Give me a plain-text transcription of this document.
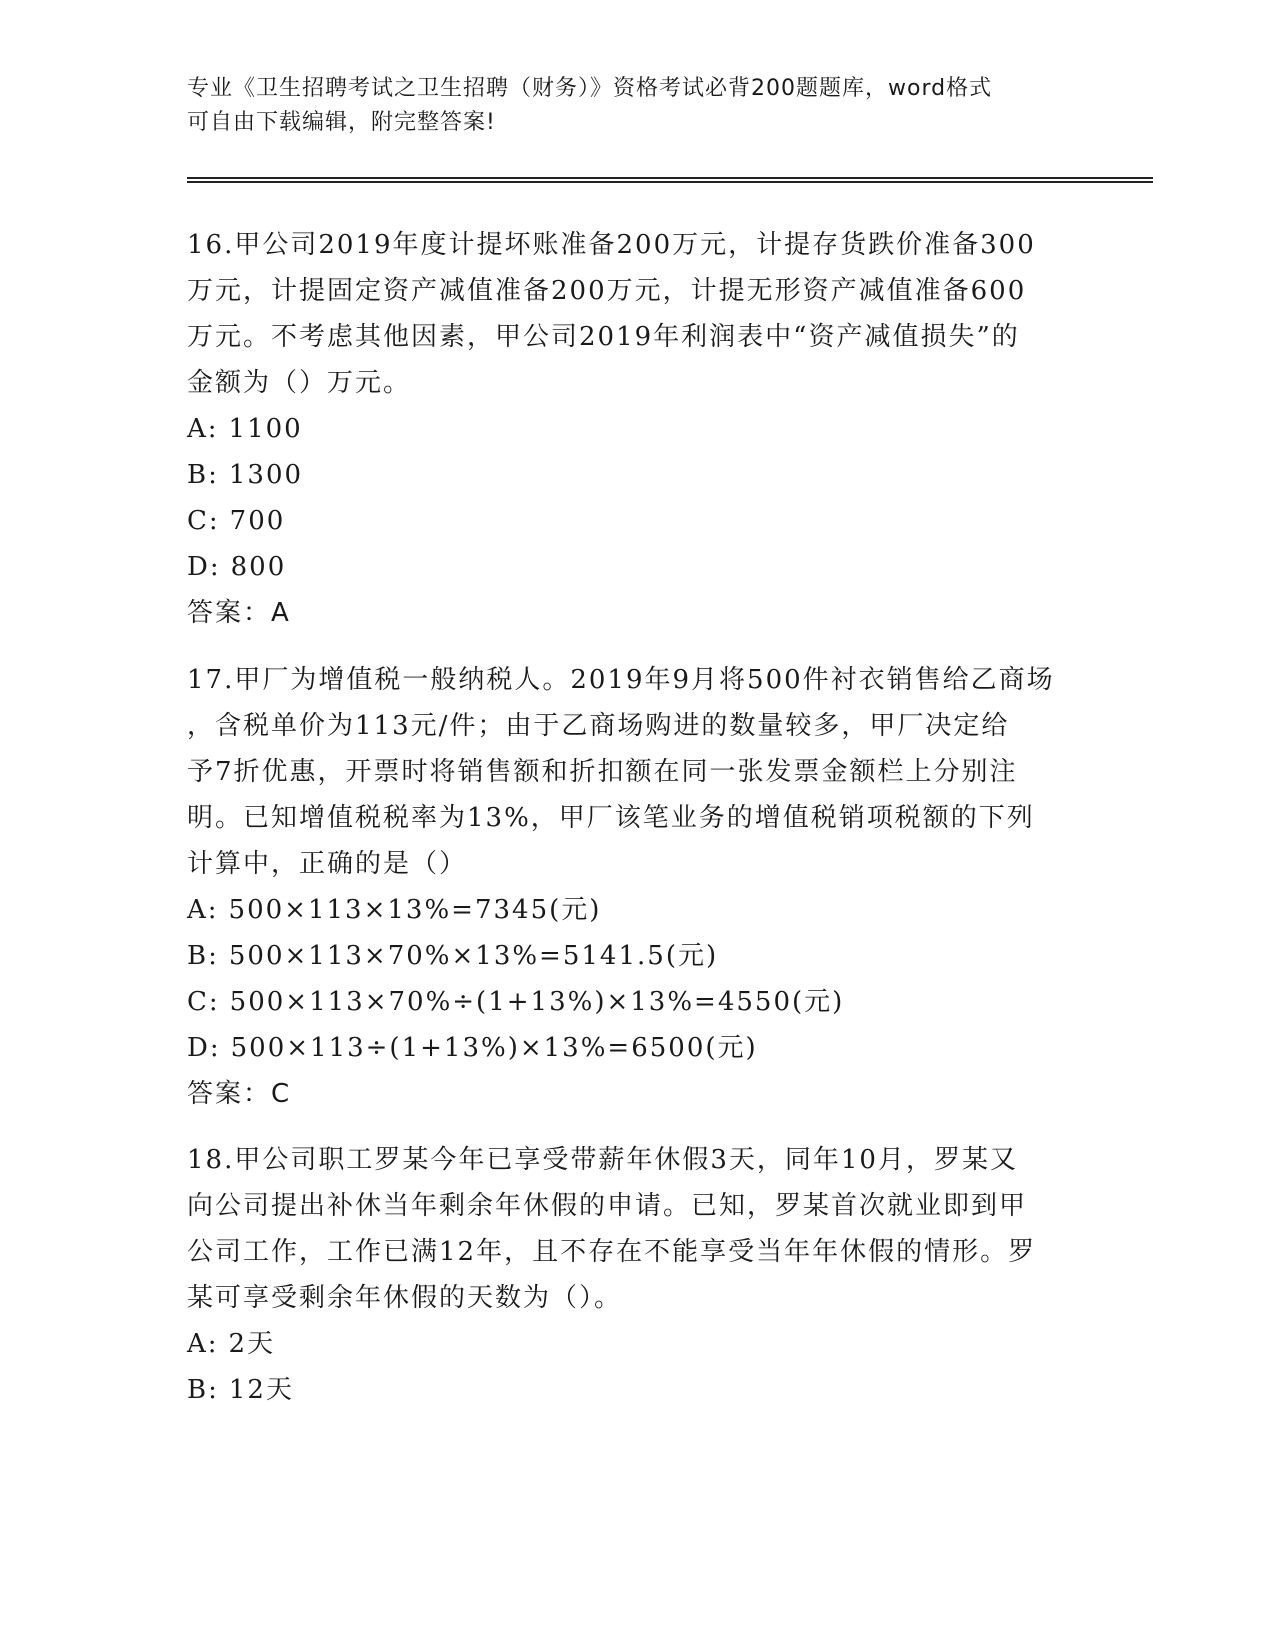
专业《卫生招聘考试之卫生招聘（财务）》资格考试必背200题题库，word格式
可自由下载编辑，附完整答案!
16.甲公司2019年度计提坏账准备200万元，计提存货跌价准备300
万元，计提固定资产减值准备200万元，计提无形资产减值准备600
万元。不考虑其他因素，甲公司2019年利润表中“资产减值损失”的
金额为（）万元。
A: 1100
B: 1300
C: 700
D: 800
答案：A
17.甲厂为增值税一般纳税人。2019年9月将500件衬衣销售给乙商场
，含税单价为113元/件；由于乙商场购进的数量较多，甲厂决定给
予7折优惠，开票时将销售额和折扣额在同一张发票金额栏上分别注
明。已知增值税税率为13%，甲厂该笔业务的增值税销项税额的下列
计算中，正确的是（）
A: 500×113×13%=7345(元)
B: 500×113×70%×13%=5141.5(元)
C: 500×113×70%÷(1+13%)×13%=4550(元)
D: 500×113÷(1+13%)×13%=6500(元)
答案：C
18.甲公司职工罗某今年已享受带薪年休假3天，同年10月，罗某又
向公司提出补休当年剩余年休假的申请。已知，罗某首次就业即到甲
公司工作，工作已满12年，且不存在不能享受当年年休假的情形。罗
某可享受剩余年休假的天数为（）。
A: 2天
B: 12天
